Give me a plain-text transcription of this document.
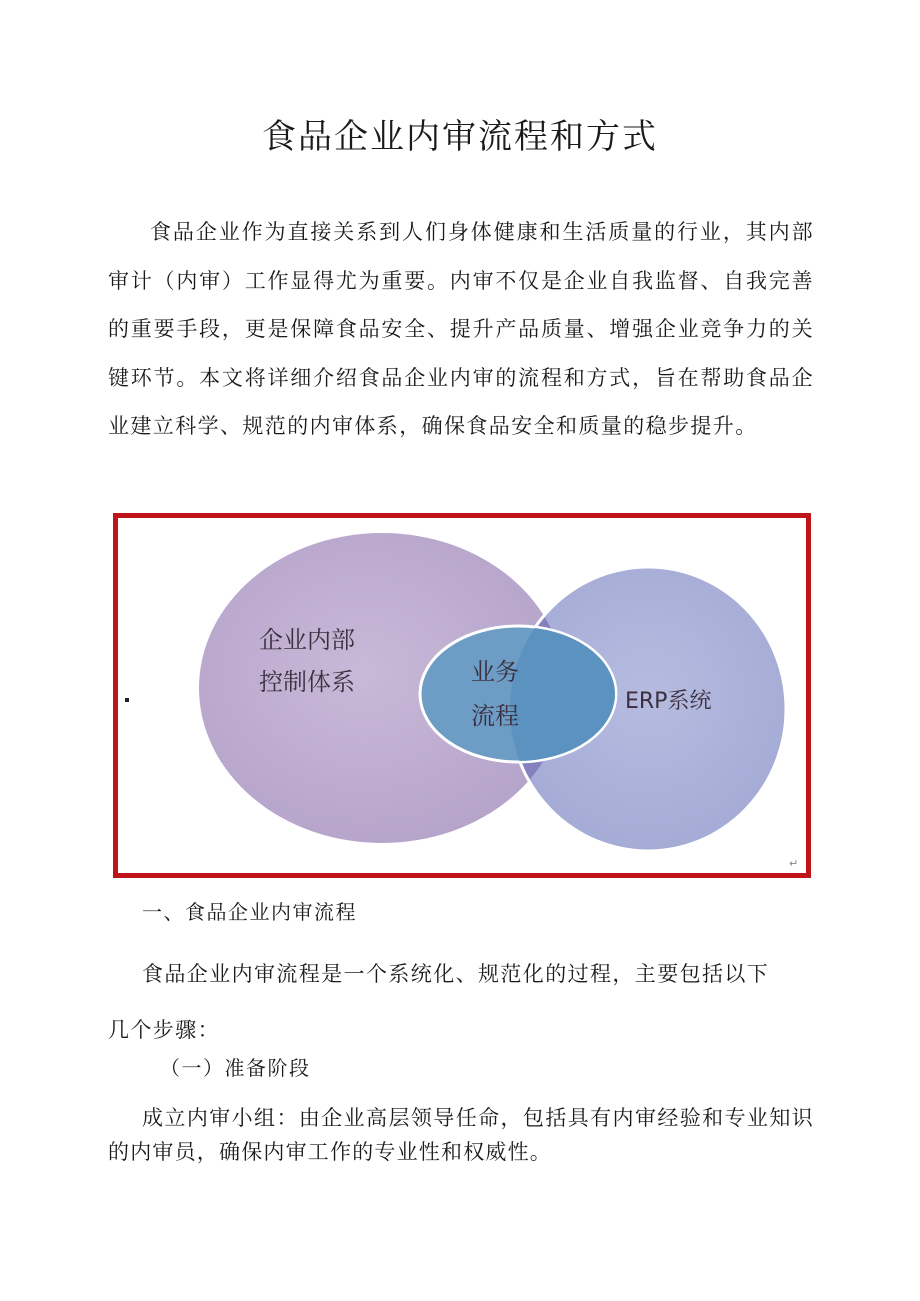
食品企业内审流程和方式

食品企业作为直接关系到人们身体健康和生活质量的行业，其内部审计（内审）工作显得尤为重要。内审不仅是企业自我监督、自我完善的重要手段，更是保障食品安全、提升产品质量、增强企业竞争力的关键环节。本文将详细介绍食品企业内审的流程和方式，旨在帮助食品企业建立科学、规范的内审体系，确保食品安全和质量的稳步提升。

企业内部
控制体系	业务
流程
ERP系统
↵
一、食品企业内审流程

食品企业内审流程是一个系统化、规范化的过程，主要包括以下几个步骤：

（一）准备阶段

成立内审小组：由企业高层领导任命，包括具有内审经验和专业知识的内审员，确保内审工作的专业性和权威性。
